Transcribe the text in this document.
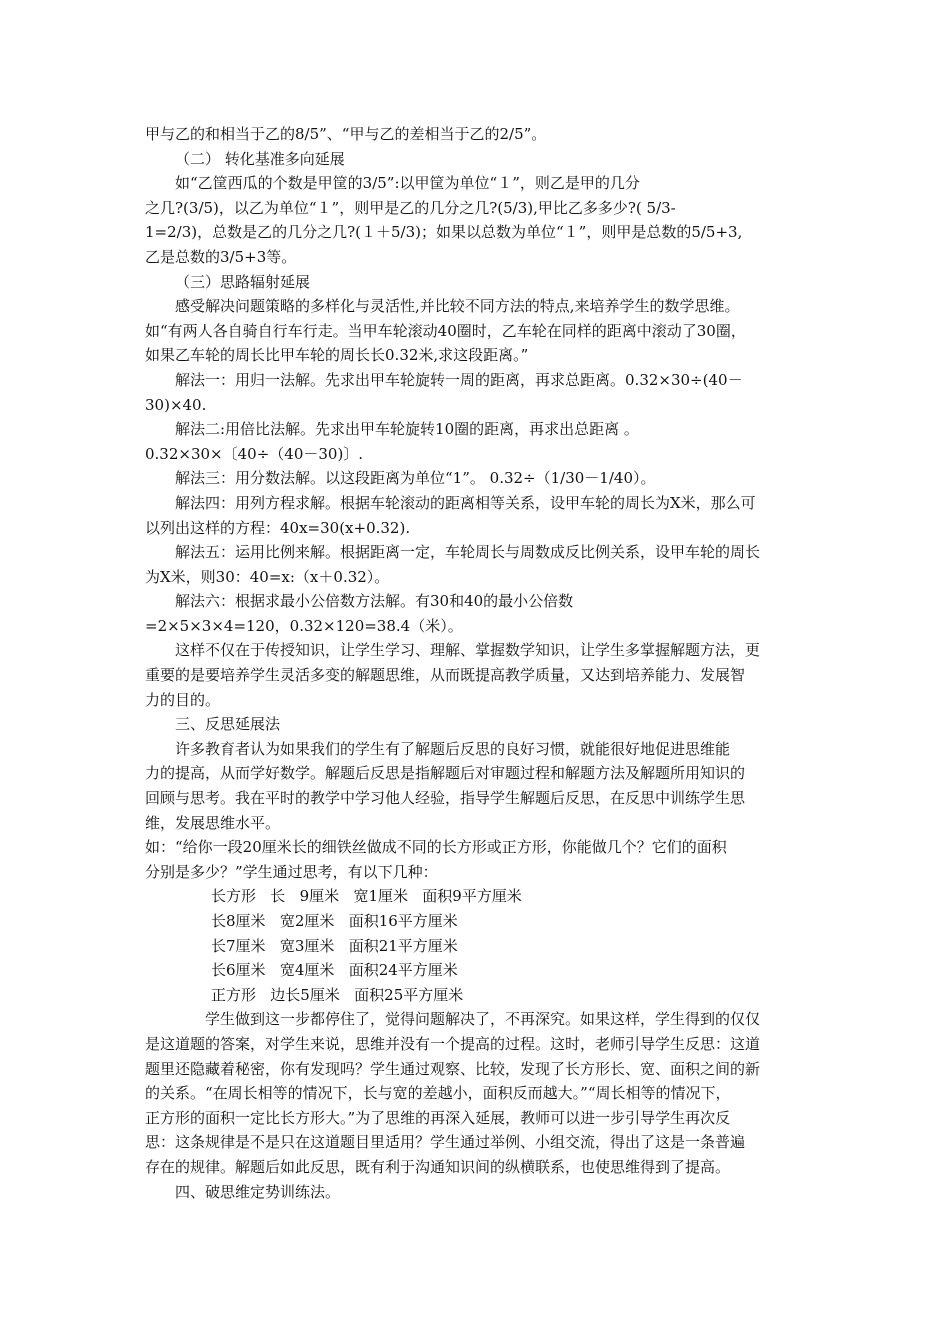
甲与乙的和相当于乙的8/5”、“甲与乙的差相当于乙的2/5”。
（二） 转化基准多向延展
如“乙筐西瓜的个数是甲筐的3/5”:以甲筐为单位“１”，则乙是甲的几分
之几?(3/5)，以乙为单位“１”，则甲是乙的几分之几?(5/3),甲比乙多多少?( 5/3-
1=2/3)，总数是乙的几分之几?(１＋5/3)；如果以总数为单位“１”，则甲是总数的5/5+3,
乙是总数的3/5+3等。
（三）思路辐射延展
感受解决问题策略的多样化与灵活性,并比较不同方法的特点,来培养学生的数学思维。
如“有两人各自骑自行车行走。当甲车轮滚动40圈时，乙车轮在同样的距离中滚动了30圈，
如果乙车轮的周长比甲车轮的周长长0.32米,求这段距离。”
解法一：用归一法解。先求出甲车轮旋转一周的距离，再求总距离。0.32×30÷(40－
30)×40.
解法二:用倍比法解。先求出甲车轮旋转10圈的距离，再求出总距离 。
0.32×30×〔40÷（40－30)〕.
解法三：用分数法解。以这段距离为单位“1”。 0.32÷（1/30－1/40）。
解法四：用列方程求解。根据车轮滚动的距离相等关系，设甲车轮的周长为X米，那么可
以列出这样的方程：40x=30(x+0.32).
解法五：运用比例来解。根据距离一定，车轮周长与周数成反比例关系，设甲车轮的周长
为X米，则30：40=x:（x＋0.32）。
解法六：根据求最小公倍数方法解。有30和40的最小公倍数
=2×5×3×4=120，0.32×120=38.4（米）。
这样不仅在于传授知识，让学生学习、理解、掌握数学知识，让学生多掌握解题方法，更
重要的是要培养学生灵活多变的解题思维，从而既提高教学质量，又达到培养能力、发展智
力的目的。
三、反思延展法
许多教育者认为如果我们的学生有了解题后反思的良好习惯，就能很好地促进思维能
力的提高，从而学好数学。解题后反思是指解题后对审题过程和解题方法及解题所用知识的
回顾与思考。我在平时的教学中学习他人经验，指导学生解题后反思，在反思中训练学生思
维，发展思维水平。
如：“给你一段20厘米长的细铁丝做成不同的长方形或正方形，你能做几个？它们的面积
分别是多少？”学生通过思考，有以下几种：
长方形   长   9厘米   宽1厘米   面积9平方厘米
长8厘米   宽2厘米   面积16平方厘米
长7厘米   宽3厘米   面积21平方厘米
长6厘米   宽4厘米   面积24平方厘米
正方形   边长5厘米   面积25平方厘米
学生做到这一步都停住了，觉得问题解决了，不再深究。如果这样，学生得到的仅仅
是这道题的答案，对学生来说，思维并没有一个提高的过程。这时，老师引导学生反思：这道
题里还隐藏着秘密，你有发现吗？学生通过观察、比较，发现了长方形长、宽、面积之间的新
的关系。“在周长相等的情况下，长与宽的差越小，面积反而越大。”“周长相等的情况下，
正方形的面积一定比长方形大。”为了思维的再深入延展，教师可以进一步引导学生再次反
思：这条规律是不是只在这道题目里适用？学生通过举例、小组交流，得出了这是一条普遍
存在的规律。解题后如此反思，既有利于沟通知识间的纵横联系，也使思维得到了提高。
四、破思维定势训练法。
